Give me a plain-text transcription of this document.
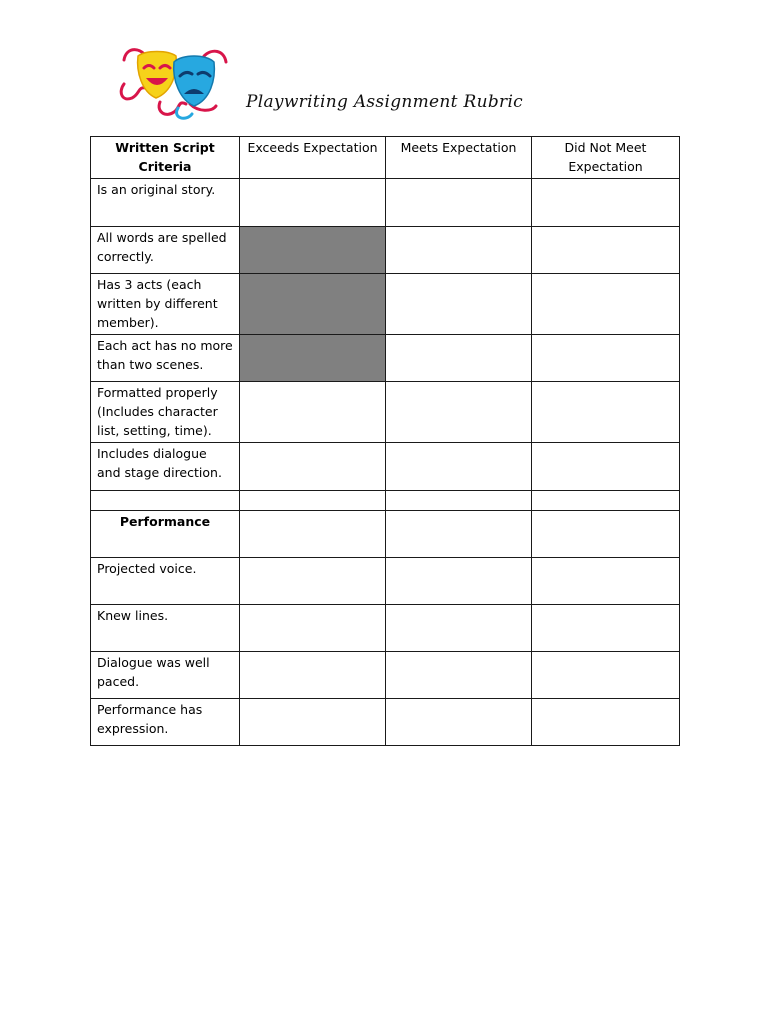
Playwriting Assignment Rubric
Written Script Criteria	Exceeds Expectation	Meets Expectation	Did Not Meet Expectation
Is an original story.			
All words are spelled correctly.			
Has 3 acts (each written by different member).			
Each act has no more than two scenes.			
Formatted properly (Includes character list, setting, time).			
Includes dialogue and stage direction.			

Performance			
Projected voice.			
Knew lines.			
Dialogue was well paced.			
Performance has expression.			
